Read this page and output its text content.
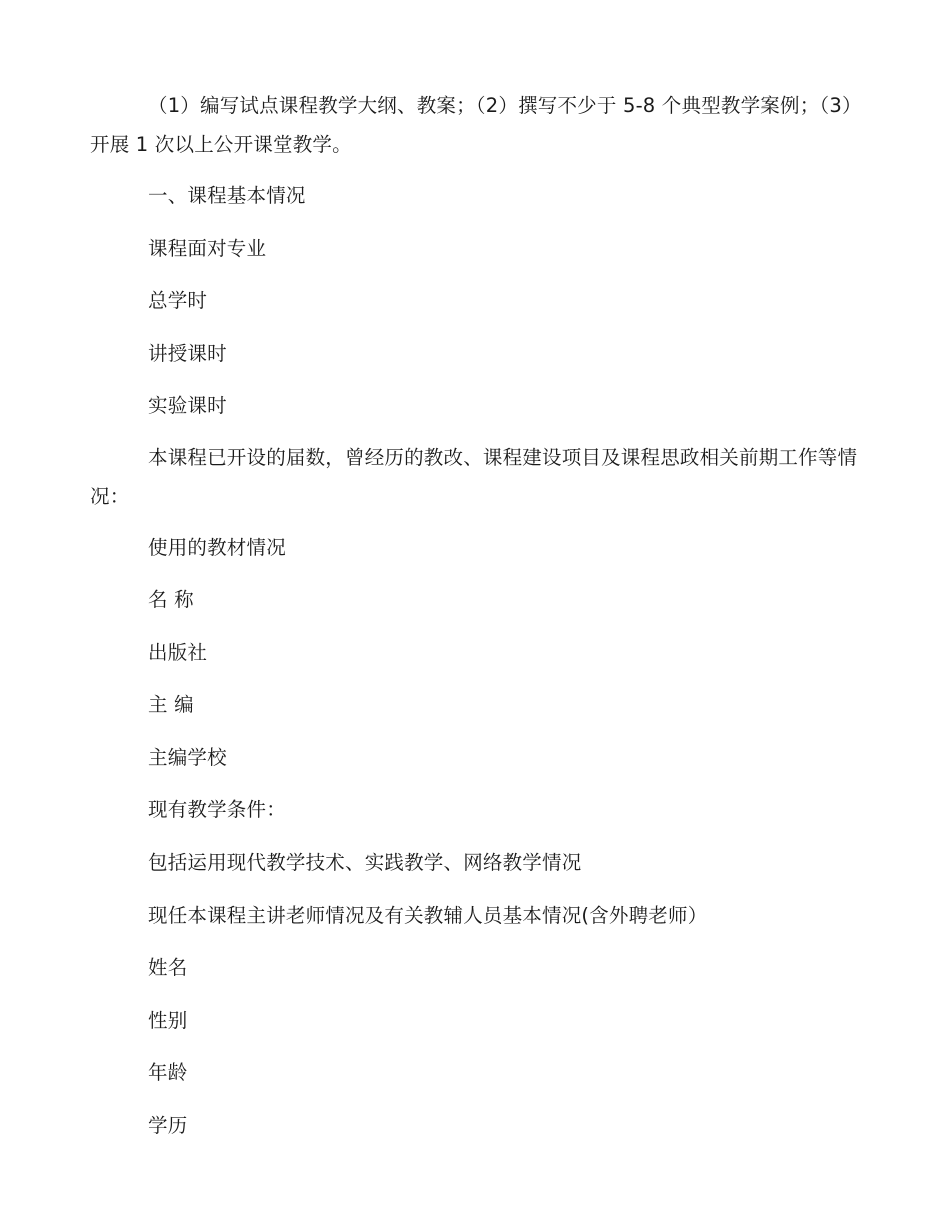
（1）编写试点课程教学大纲、教案；（2）撰写不少于 5-8 个典型教学案例；（3）开展 1 次以上公开课堂教学。
一、课程基本情况
课程面对专业
总学时
讲授课时
实验课时
本课程已开设的届数，曾经历的教改、课程建设项目及课程思政相关前期工作等情况：
使用的教材情况
名 称
出版社
主 编
主编学校
现有教学条件：
包括运用现代教学技术、实践教学、网络教学情况
现任本课程主讲老师情况及有关教辅人员基本情况(含外聘老师）
姓名
性别
年龄
学历
